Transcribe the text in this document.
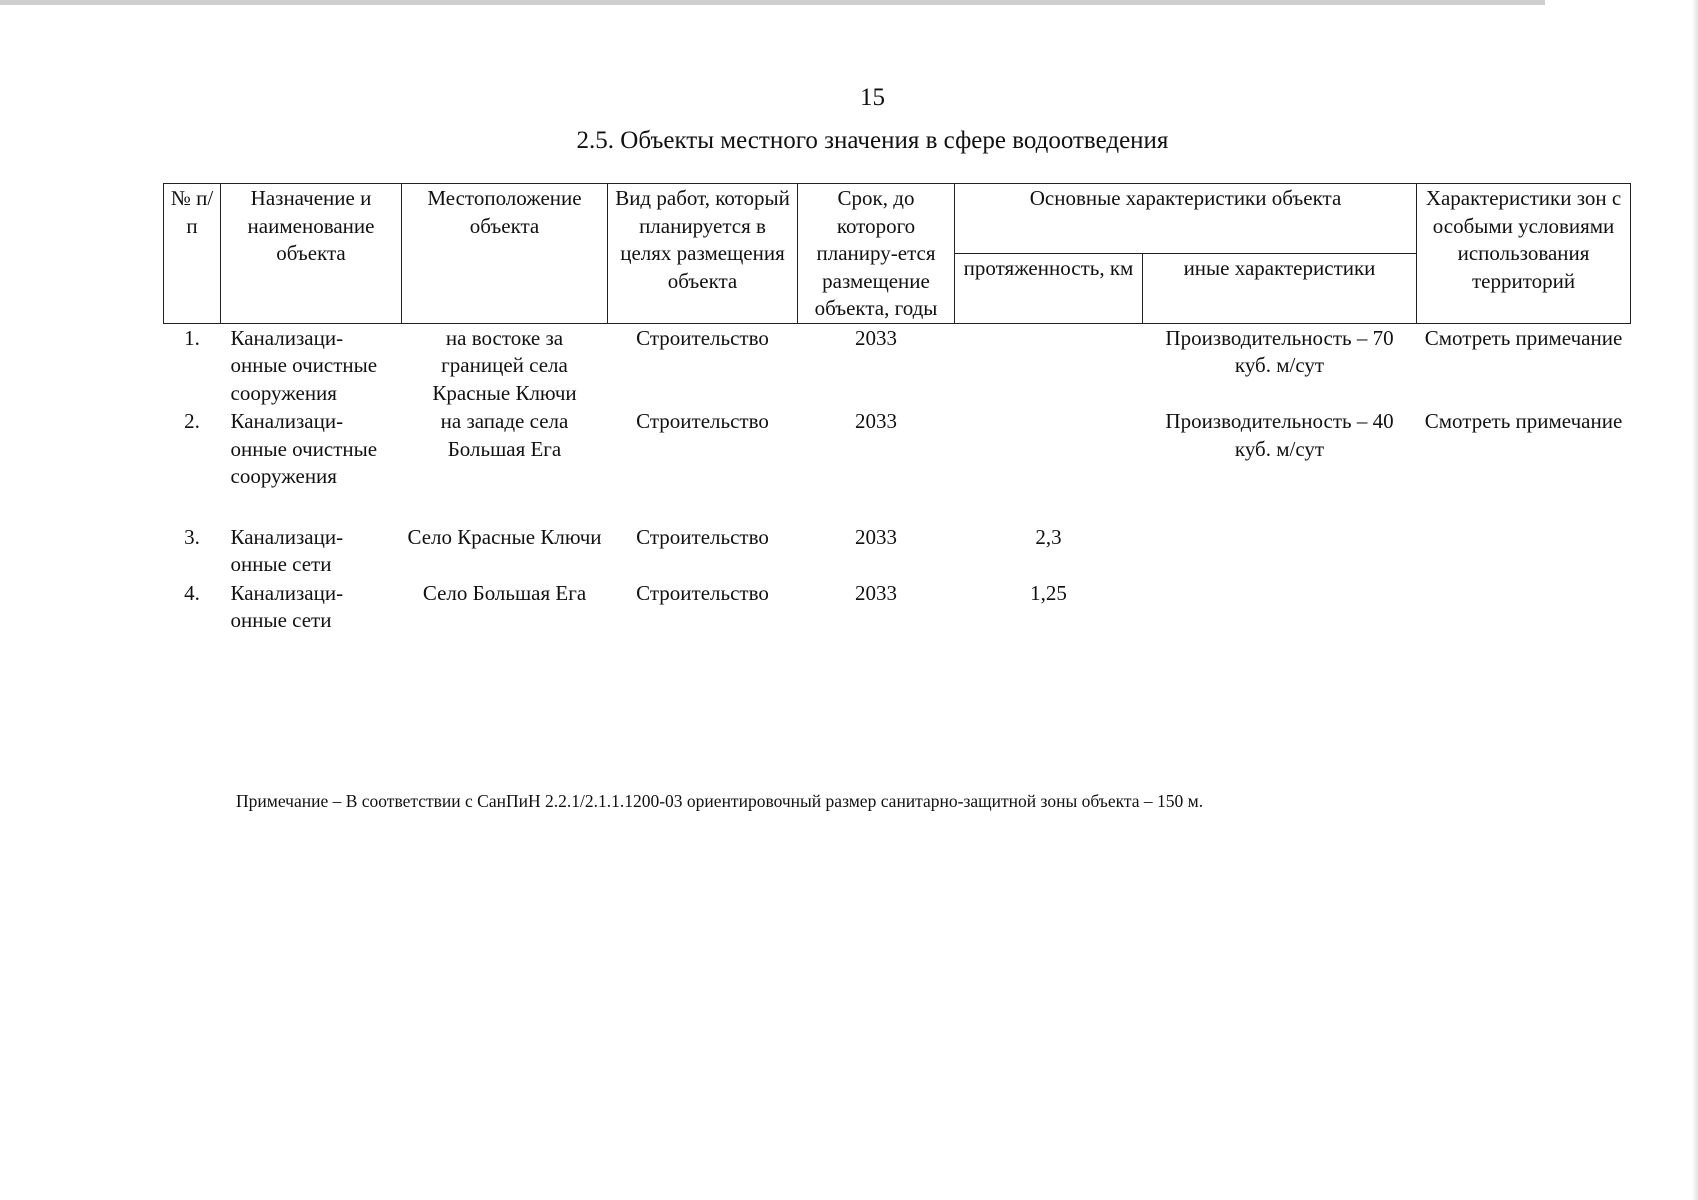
15
2.5. Объекты местного значения в сфере водоотведения
№ п/п	Назначение и наименование объекта	Местоположение объекта	Вид работ, который планируется в целях размещения объекта	Срок, до которого планиру-ется размещение объекта, годы	Основные характеристики объекта		Характеристики зон с особыми условиями использования территорий
					протяженность, км	иные характеристики	
1.	Канализаци-онные очистные сооружения	на востоке за границей села Красные Ключи	Строительство	2033		Производительность – 70 куб. м/сут	Смотреть примечание
2.	Канализаци-онные очистные сооружения	на западе села Большая Ега	Строительство	2033		Производительность – 40 куб. м/сут	Смотреть примечание
3.	Канализаци-онные сети	Село Красные Ключи	Строительство	2033	2,3		
4.	Канализаци-онные сети	Село Большая Ега	Строительство	2033	1,25		
Примечание – В соответствии с СанПиН 2.2.1/2.1.1.1200-03 ориентировочный размер санитарно-защитной зоны объекта – 150 м.
